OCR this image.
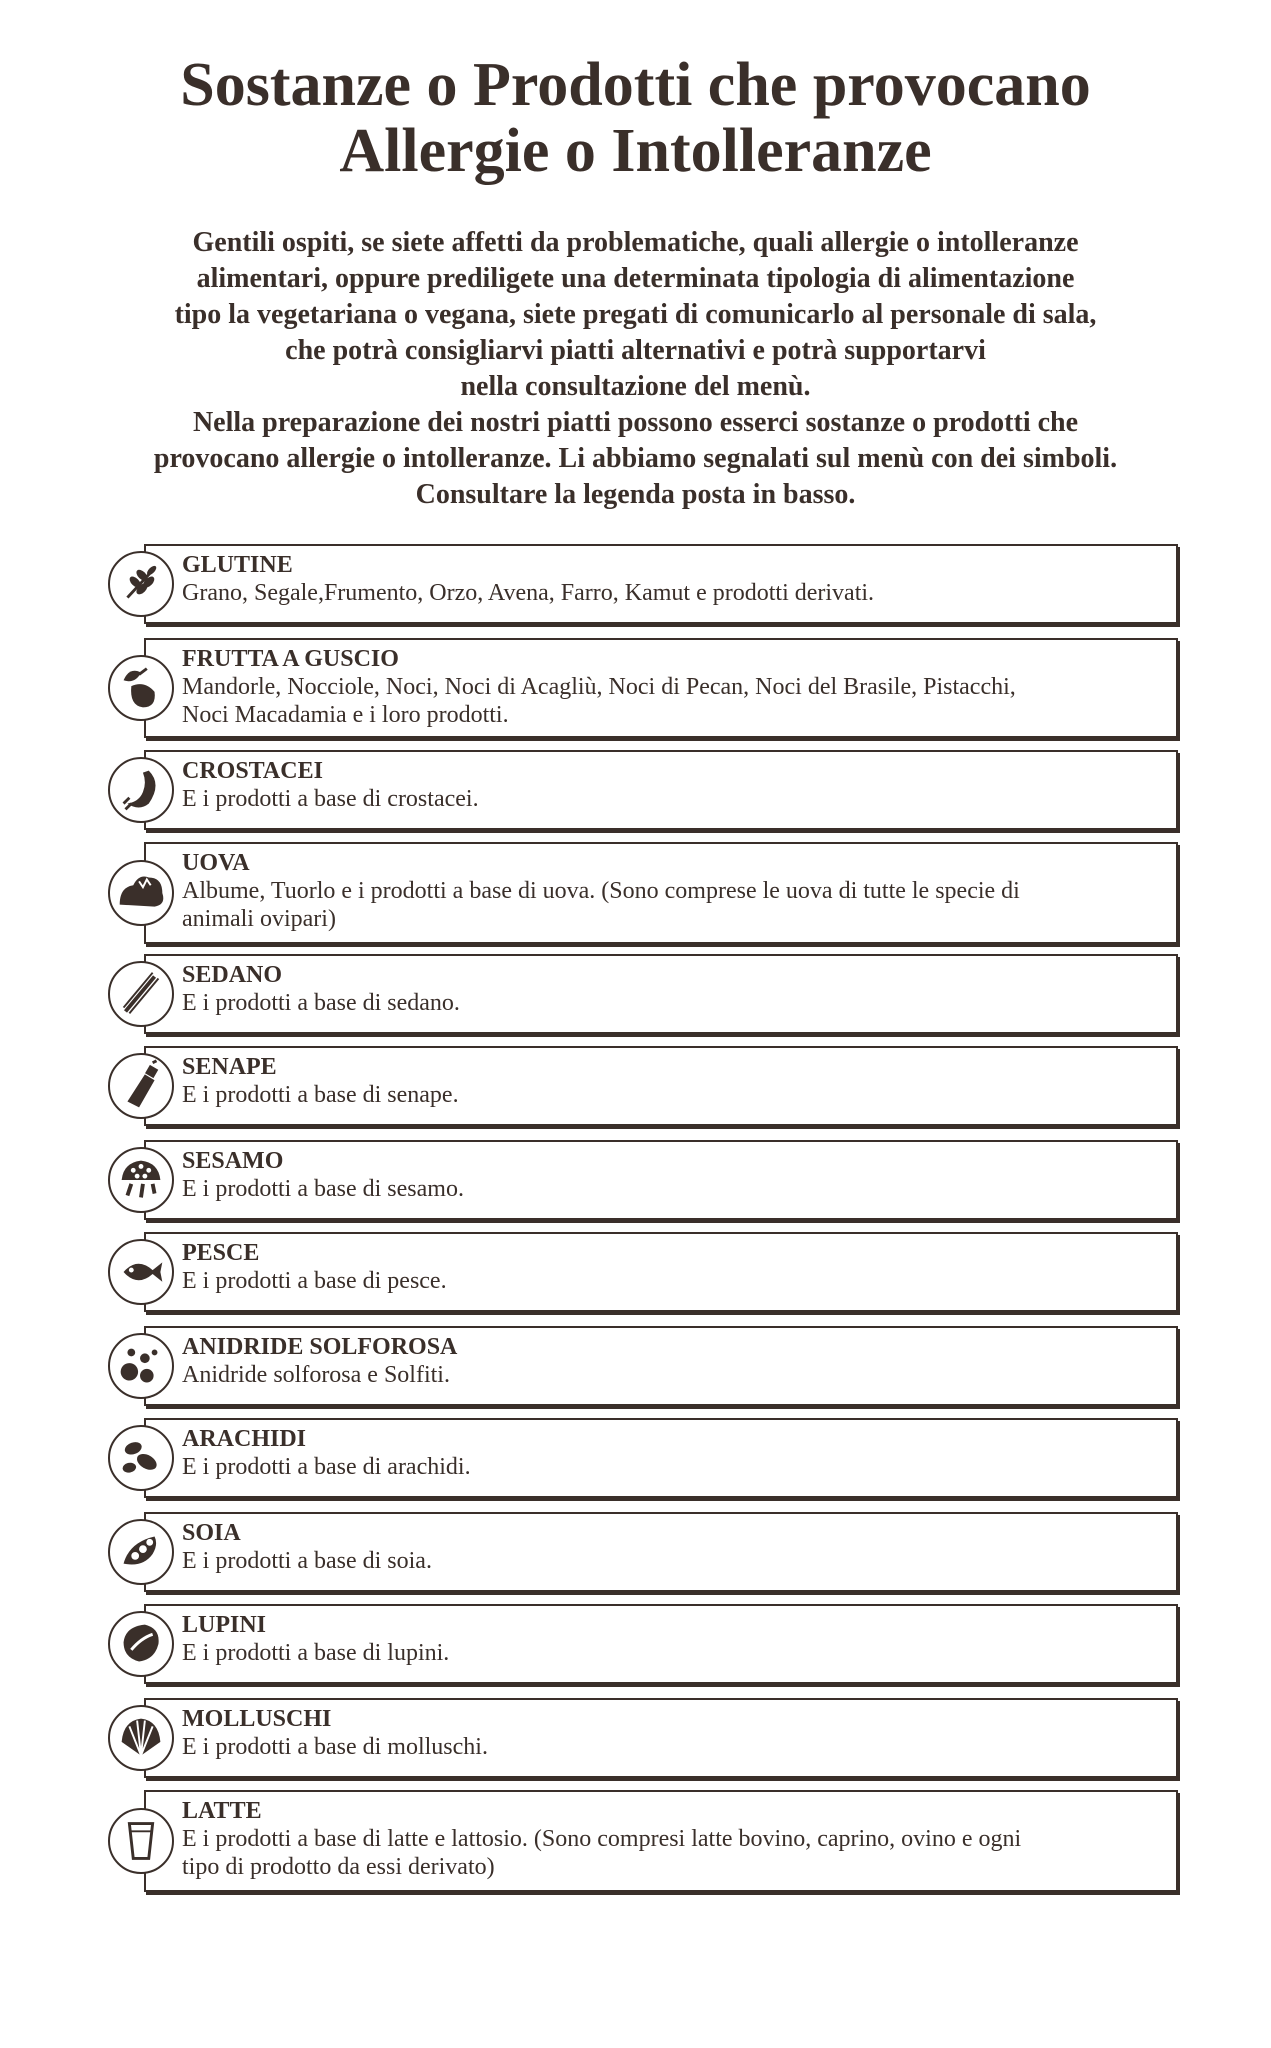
Sostanze o Prodotti che provocano
Allergie o Intolleranze
Gentili ospiti, se siete affetti da problematiche, quali allergie o intolleranze
alimentari, oppure prediligete una determinata tipologia di alimentazione
tipo la vegetariana o vegana, siete pregati di comunicarlo al personale di sala,
che potrà consigliarvi piatti alternativi e potrà supportarvi
nella consultazione del menù.
Nella preparazione dei nostri piatti possono esserci sostanze o prodotti che
provocano allergie o intolleranze. Li abbiamo segnalati sul menù con dei simboli.
Consultare la legenda posta in basso.
GLUTINE
Grano, Segale,Frumento, Orzo, Avena, Farro, Kamut e prodotti derivati.
FRUTTA A GUSCIO
Mandorle, Nocciole, Noci, Noci di Acagliù, Noci di Pecan, Noci del Brasile, Pistacchi,
Noci Macadamia e i loro prodotti.
CROSTACEI
E i prodotti a base di crostacei.
UOVA
Albume, Tuorlo e i prodotti a base di uova. (Sono comprese le uova di tutte le specie di
animali ovipari)
SEDANO
E i prodotti a base di sedano.
SENAPE
E i prodotti a base di senape.
SESAMO
E i prodotti a base di sesamo.
PESCE
E i prodotti a base di pesce.
ANIDRIDE SOLFOROSA
Anidride solforosa e Solfiti.
ARACHIDI
E i prodotti a base di arachidi.
SOIA
E i prodotti a base di soia.
LUPINI
E i prodotti a base di lupini.
MOLLUSCHI
E i prodotti a base di molluschi.
LATTE
E i prodotti a base di latte e lattosio. (Sono compresi latte bovino, caprino, ovino e ogni
tipo di prodotto da essi derivato)
